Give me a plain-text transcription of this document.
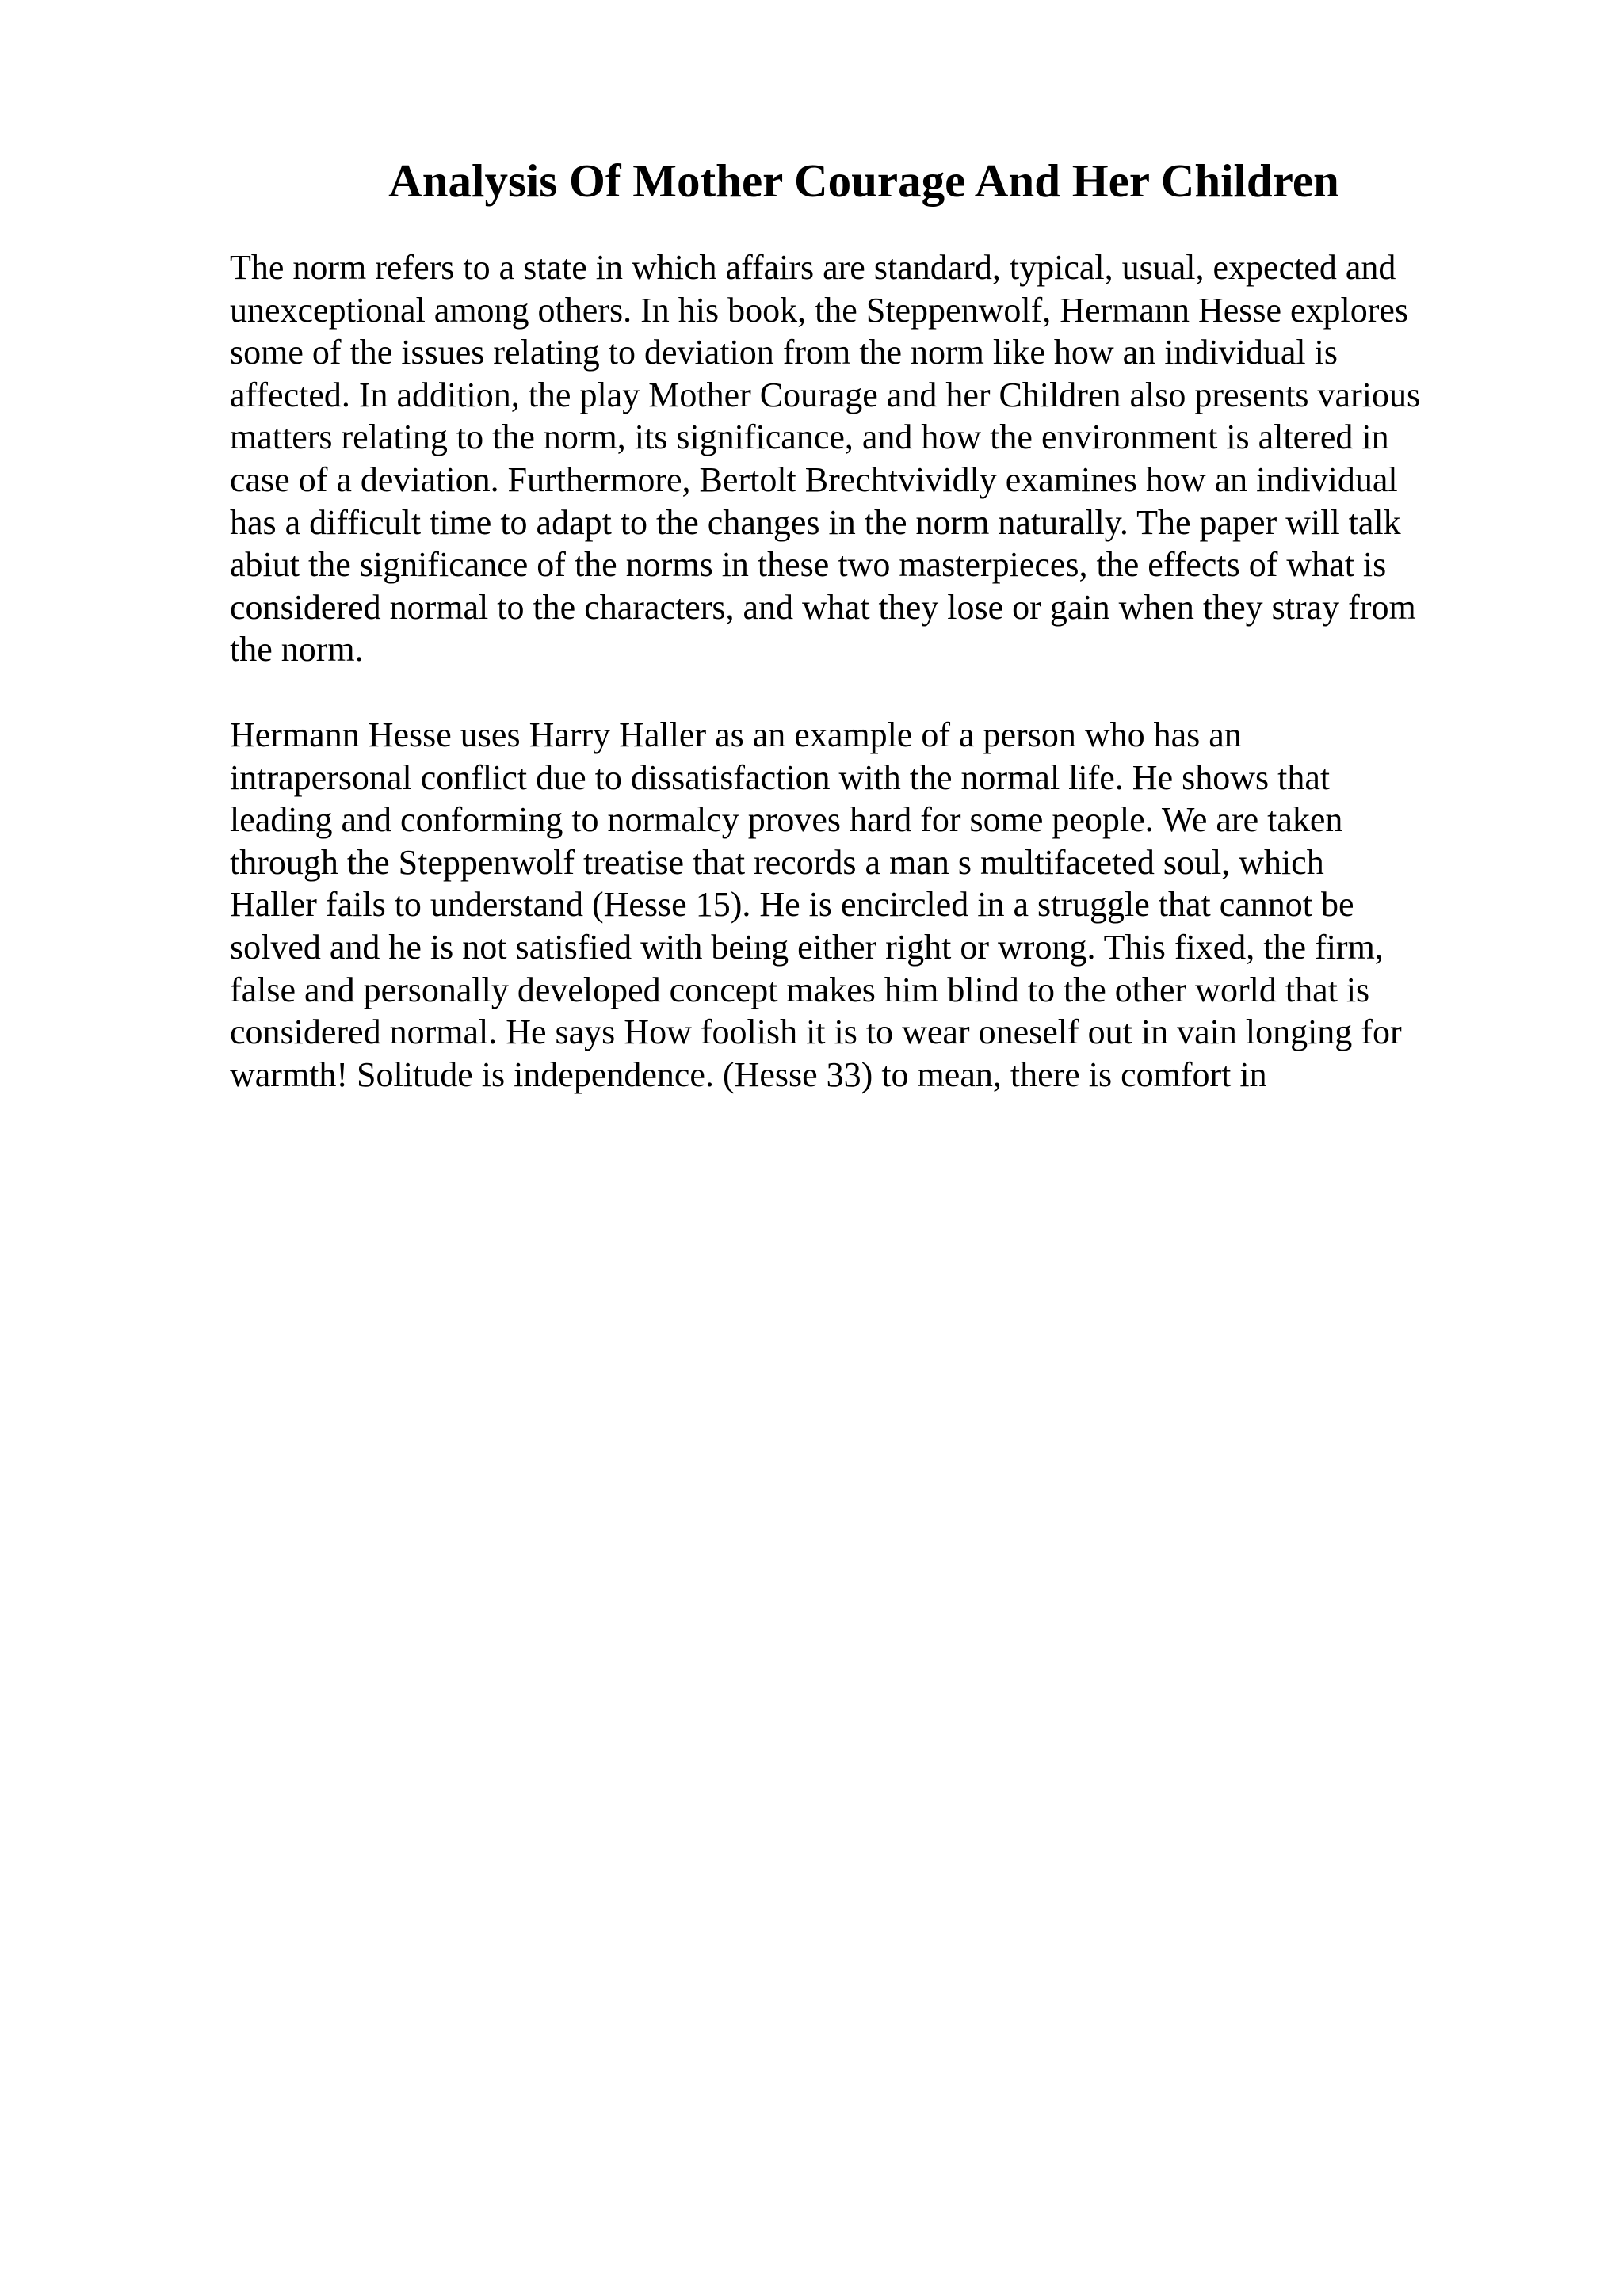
Analysis Of Mother Courage And Her Children
The norm refers to a state in which affairs are standard, typical, usual, expected and
unexceptional among others. In his book, the Steppenwolf, Hermann Hesse explores
some of the issues relating to deviation from the norm like how an individual is
affected. In addition, the play Mother Courage and her Children also presents various
matters relating to the norm, its significance, and how the environment is altered in
case of a deviation. Furthermore, Bertolt Brechtvividly examines how an individual
has a difficult time to adapt to the changes in the norm naturally. The paper will talk
abiut the significance of the norms in these two masterpieces, the effects of what is
considered normal to the characters, and what they lose or gain when they stray from
the norm.
Hermann Hesse uses Harry Haller as an example of a person who has an
intrapersonal conflict due to dissatisfaction with the normal life. He shows that
leading and conforming to normalcy proves hard for some people. We are taken
through the Steppenwolf treatise that records a man s multifaceted soul, which
Haller fails to understand (Hesse 15). He is encircled in a struggle that cannot be
solved and he is not satisfied with being either right or wrong. This fixed, the firm,
false and personally developed concept makes him blind to the other world that is
considered normal. He says How foolish it is to wear oneself out in vain longing for
warmth! Solitude is independence. (Hesse 33) to mean, there is comfort in
